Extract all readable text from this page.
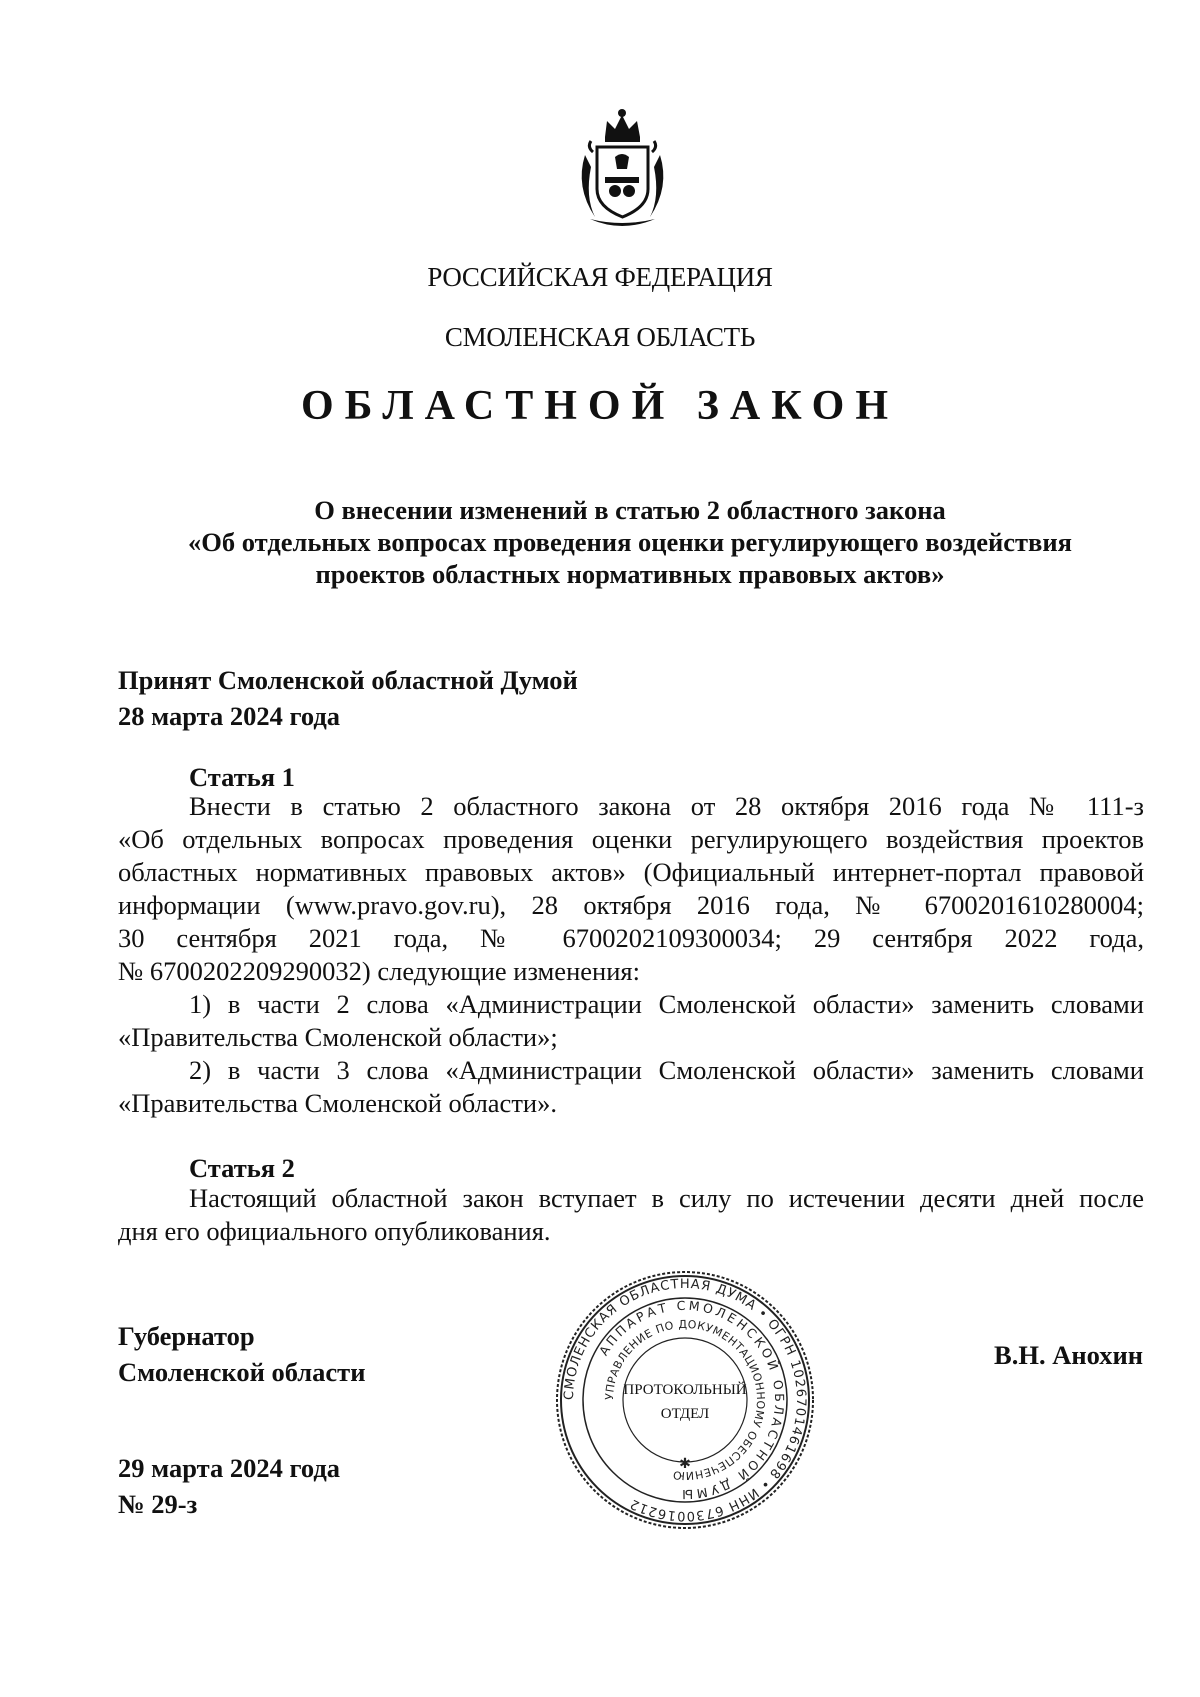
РОССИЙСКАЯ ФЕДЕРАЦИЯ
СМОЛЕНСКАЯ ОБЛАСТЬ
ОБЛАСТНОЙ ЗАКОН
О внесении изменений в статью 2 областного закона
«Об отдельных вопросах проведения оценки регулирующего воздействия
проектов областных нормативных правовых актов»
Принят Смоленской областной Думой
28 марта 2024 года
Статья 1
Внести в статью 2 областного закона от 28 октября 2016 года № 111-з
«Об отдельных вопросах проведения оценки регулирующего воздействия проектов
областных нормативных правовых актов» (Официальный интернет-портал правовой
информации (www.pravo.gov.ru), 28 октября 2016 года, № 6700201610280004;
30 сентября 2021 года, № 6700202109300034; 29 сентября 2022 года,
№ 6700202209290032) следующие изменения:
1) в части 2 слова «Администрации Смоленской области» заменить словами
«Правительства Смоленской области»;
2) в части 3 слова «Администрации Смоленской области» заменить словами
«Правительства Смоленской области».
Статья 2
Настоящий областной закон вступает в силу по истечении десяти дней после
дня его официального опубликования.
Губернатор
Смоленской области
В.Н. Анохин
29 марта 2024 года
№ 29-з
СМОЛЕНСКАЯ ОБЛАСТНАЯ ДУМА • ОГРН 1026701461698 • ИНН 6730016212
АППАРАТ СМОЛЕНСКОЙ ОБЛАСТНОЙ ДУМЫ
УПРАВЛЕНИЕ ПО ДОКУМЕНТАЦИОННОМУ ОБЕСПЕЧЕНИЮ
ПРОТОКОЛЬНЫЙ
ОТДЕЛ
✱
